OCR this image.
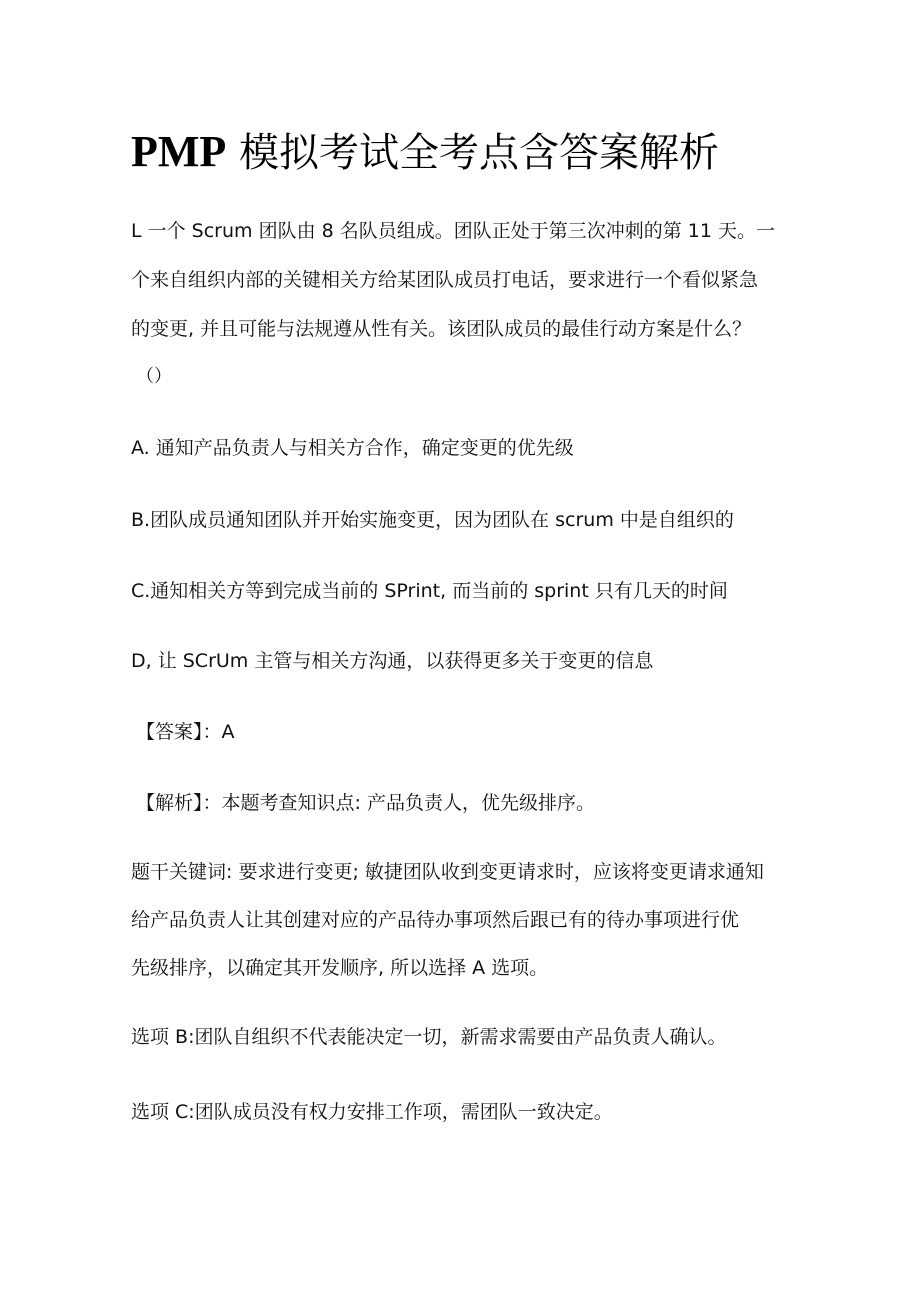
PMP 模拟考试全考点含答案解析

L 一个 Scrum 团队由 8 名队员组成。团队正处于第三次冲刺的第 11 天。一

个来自组织内部的关键相关方给某团队成员打电话，要求进行一个看似紧急

的变更, 并且可能与法规遵从性有关。该团队成员的最佳行动方案是什么？

（）

A. 通知产品负责人与相关方合作，确定变更的优先级

B.团队成员通知团队并开始实施变更，因为团队在 scrum 中是自组织的

C.通知相关方等到完成当前的 SPrint, 而当前的 sprint 只有几天的时间

D, 让 SCrUm 主管与相关方沟通，以获得更多关于变更的信息

【答案】：A

【解析】：本题考查知识点: 产品负责人，优先级排序。

题干关键词: 要求进行变更; 敏捷团队收到变更请求时，应该将变更请求通知

给产品负责人让其创建对应的产品待办事项然后跟已有的待办事项进行优

先级排序，以确定其开发顺序, 所以选择 A 选项。

选项 B:团队自组织不代表能决定一切，新需求需要由产品负责人确认。

选项 C:团队成员没有权力安排工作项，需团队一致决定。
